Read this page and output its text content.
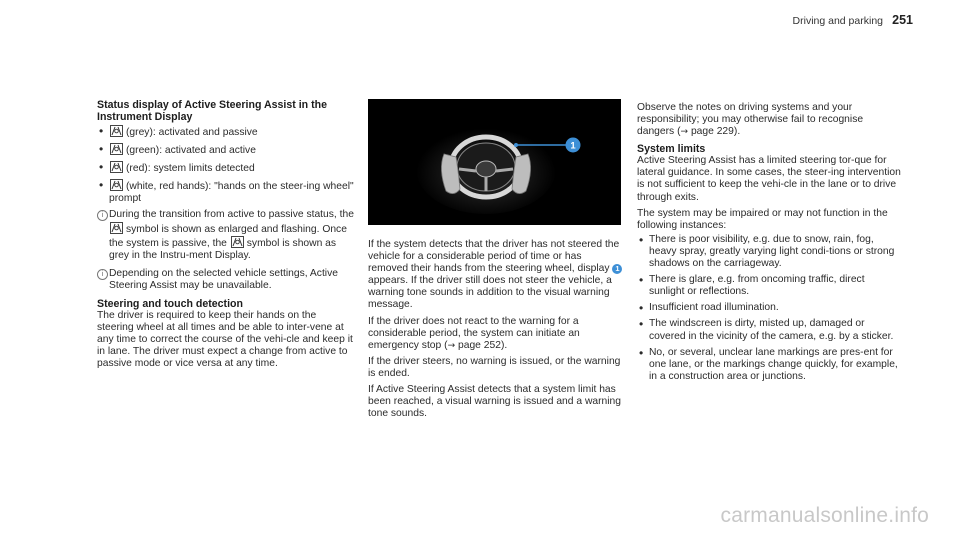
Driving and parking 251
Status display of Active Steering Assist in the Instrument Display
• (grey): activated and passive
• (green): activated and active
• (red): system limits detected
• (white, red hands): "hands on the steer-ing wheel" prompt
i During the transition from active to passive status, the
symbol is shown as enlarged and flashing. Once the system is passive, the symbol is shown as grey in the Instru-ment Display.
i Depending on the selected vehicle settings, Active Steering Assist may be unavailable.
Steering and touch detection

The driver is required to keep their hands on the steering wheel at all times and be able to inter-vene at any time to correct the course of the vehi-cle and keep it in lane. The driver must expect a change from active to passive mode or vice versa at any time.

1

If the system detects that the driver has not steered the vehicle for a considerable period of time or has removed their hands from the steering wheel, display 1 appears. If the driver still does not steer the vehicle, a warning tone sounds in addition to the visual warning message.

If the driver does not react to the warning for a considerable period, the system can initiate an emergency stop (→ page 252).

If the driver steers, no warning is issued, or the warning is ended.

If Active Steering Assist detects that a system limit has been reached, a visual warning is issued and a warning tone sounds.

Observe the notes on driving systems and your responsibility; you may otherwise fail to recognise dangers (→ page 229).

System limits

Active Steering Assist has a limited steering tor-que for lateral guidance. In some cases, the steer-ing intervention is not sufficient to keep the vehi-cle in the lane or to drive through exits.

The system may be impaired or may not function in the following instances:

• There is poor visibility, e.g. due to snow, rain, fog, heavy spray, greatly varying light condi-tions or strong shadows on the carriageway.
• There is glare, e.g. from oncoming traffic, direct sunlight or reflections.
• Insufficient road illumination.
• The windscreen is dirty, misted up, damaged or covered in the vicinity of the camera, e.g. by a sticker.
• No, or several, unclear lane markings are pres-ent for one lane, or the markings change quickly, for example, in a construction area or junctions.
carmanualsonline.info
